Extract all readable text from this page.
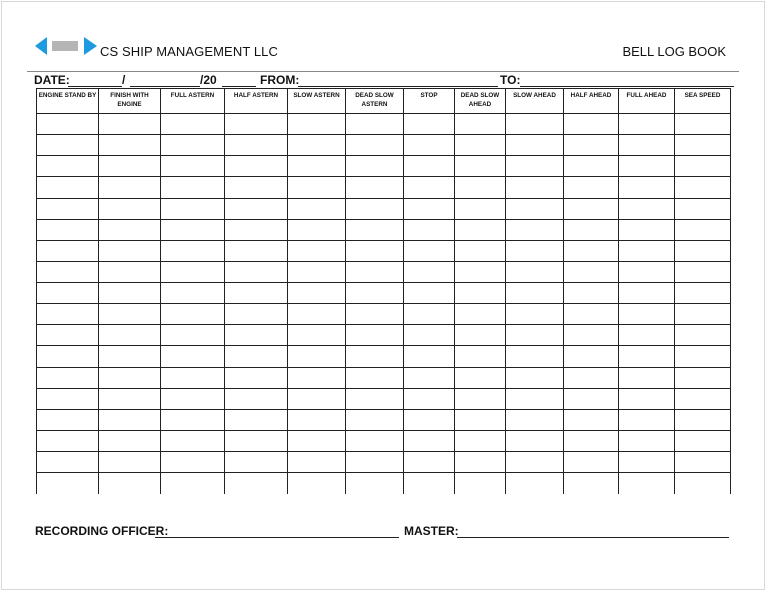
CS SHIP MANAGEMENT LLC	BELL LOG BOOK
DATE:	/	/20	FROM:	TO:
ENGINE STAND BY	FINISH WITH ENGINE	FULL ASTERN	HALF ASTERN	SLOW ASTERN	DEAD SLOW ASTERN	STOP	DEAD SLOW AHEAD	SLOW AHEAD	HALF AHEAD	FULL AHEAD	SEA SPEED

RECORDING OFFICER:	MASTER:
